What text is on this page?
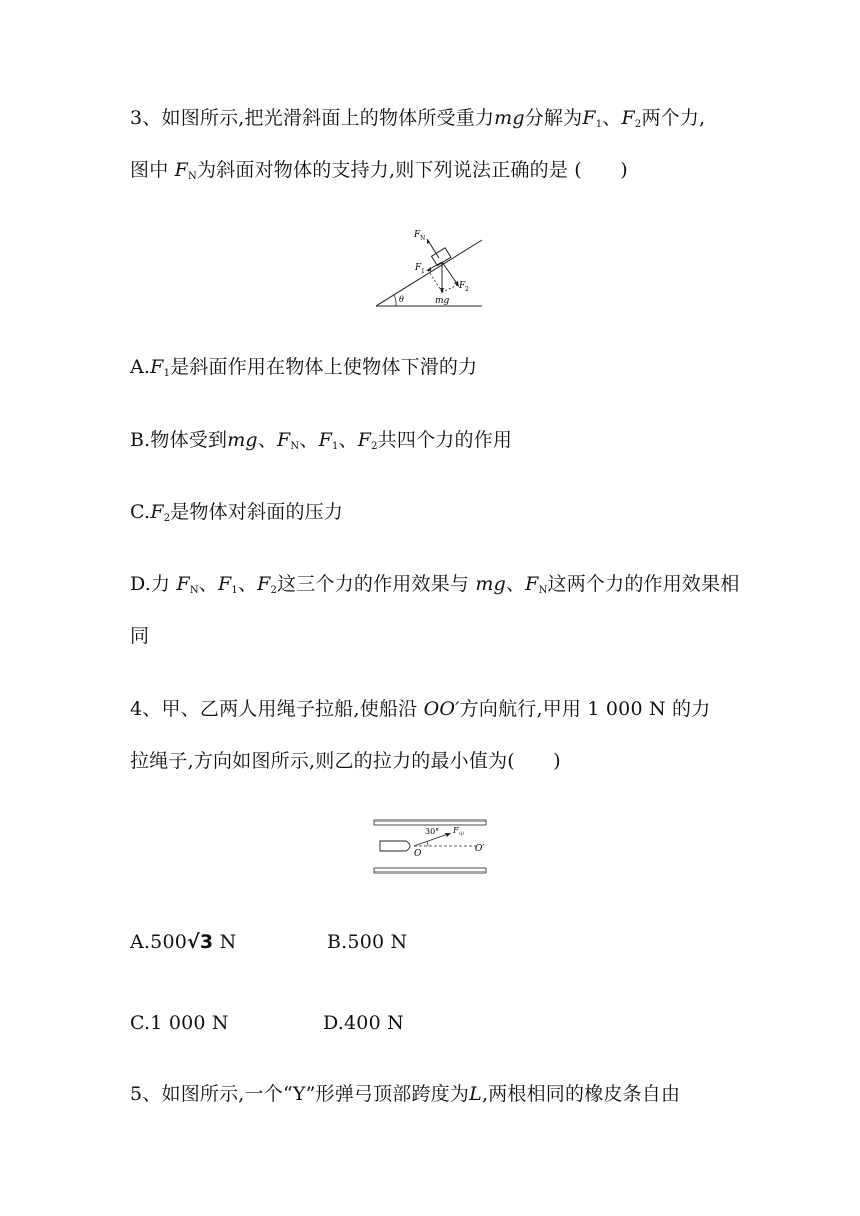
3、如图所示,把光滑斜面上的物体所受重力mg分解为$F_1$、$F_2$两个力,
图中 $F_N$为斜面对物体的支持力,则下列说法正确的是 (　　)
F N
F 1
F 2
mg
θ
$A.F_1$是斜面作用在物体上使物体下滑的力
B.物体受到mg、$F_N$、$F_1$、$F_2$共四个力的作用
$C.F_2$是物体对斜面的压力
D.力 $F_N$、$F_1$、$F_2$这三个力的作用效果与 mg、$F_N$这两个力的作用效果相
同
4、甲、乙两人用绳子拉船,使船沿 OO′方向航行,甲用 1 000 N 的力
拉绳子,方向如图所示,则乙的拉力的最小值为(　　)
30° F 甲
O	O′
A.500√3 N	B.500 N
C.1 000 N	D.400 N
5、如图所示,一个“Y”形弹弓顶部跨度为L,两根相同的橡皮条自由
